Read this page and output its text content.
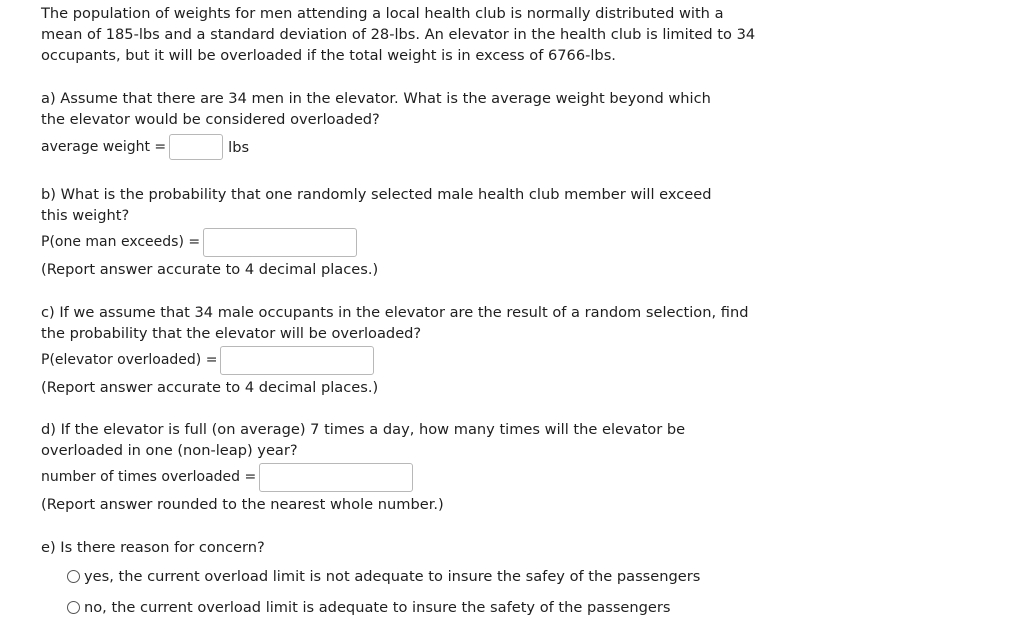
The population of weights for men attending a local health club is normally distributed with a mean of 185-lbs and a standard deviation of 28-lbs. An elevator in the health club is limited to 34 occupants, but it will be overloaded if the total weight is in excess of 6766-lbs.

a) Assume that there are 34 men in the elevator. What is the average weight beyond which the elevator would be considered overloaded?

average weight =	lbs

b) What is the probability that one randomly selected male health club member will exceed this weight?

P(one man exceeds) =
(Report answer accurate to 4 decimal places.)

c) If we assume that 34 male occupants in the elevator are the result of a random selection, find the probability that the elevator will be overloaded?

P(elevator overloaded) =
(Report answer accurate to 4 decimal places.)

d) If the elevator is full (on average) 7 times a day, how many times will the elevator be overloaded in one (non-leap) year?

number of times overloaded =
(Report answer rounded to the nearest whole number.)

e) Is there reason for concern?

yes, the current overload limit is not adequate to insure the safey of the passengers
no, the current overload limit is adequate to insure the safety of the passengers
